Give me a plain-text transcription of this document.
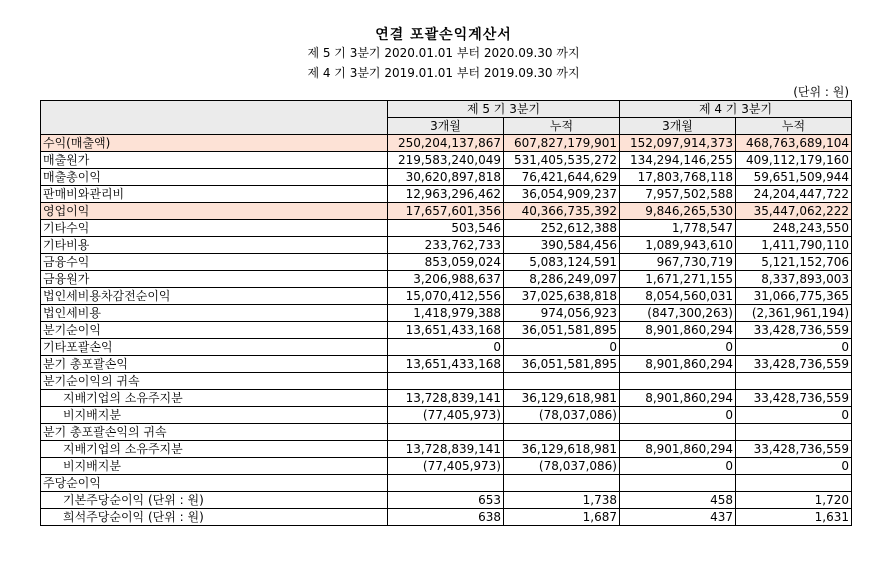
연결 포괄손익계산서
제 5 기 3분기 2020.01.01 부터 2020.09.30 까지
제 4 기 3분기 2019.01.01 부터 2019.09.30 까지
(단위 : 원)
	제 5 기 3분기		제 4 기 3분기	
	3개월	누적	3개월	누적
수익(매출액)	250,204,137,867	607,827,179,901	152,097,914,373	468,763,689,104
매출원가	219,583,240,049	531,405,535,272	134,294,146,255	409,112,179,160
매출총이익	30,620,897,818	76,421,644,629	17,803,768,118	59,651,509,944
판매비와관리비	12,963,296,462	36,054,909,237	7,957,502,588	24,204,447,722
영업이익	17,657,601,356	40,366,735,392	9,846,265,530	35,447,062,222
기타수익	503,546	252,612,388	1,778,547	248,243,550
기타비용	233,762,733	390,584,456	1,089,943,610	1,411,790,110
금융수익	853,059,024	5,083,124,591	967,730,719	5,121,152,706
금융원가	3,206,988,637	8,286,249,097	1,671,271,155	8,337,893,003
법인세비용차감전순이익	15,070,412,556	37,025,638,818	8,054,560,031	31,066,775,365
법인세비용	1,418,979,388	974,056,923	(847,300,263)	(2,361,961,194)
분기순이익	13,651,433,168	36,051,581,895	8,901,860,294	33,428,736,559
기타포괄손익	0	0	0	0
분기 총포괄손익	13,651,433,168	36,051,581,895	8,901,860,294	33,428,736,559
분기순이익의 귀속				
지배기업의 소유주지분	13,728,839,141	36,129,618,981	8,901,860,294	33,428,736,559
비지배지분	(77,405,973)	(78,037,086)	0	0
분기 총포괄손익의 귀속				
지배기업의 소유주지분	13,728,839,141	36,129,618,981	8,901,860,294	33,428,736,559
비지배지분	(77,405,973)	(78,037,086)	0	0
주당순이익				
기본주당순이익 (단위 : 원)	653	1,738	458	1,720
희석주당순이익 (단위 : 원)	638	1,687	437	1,631
